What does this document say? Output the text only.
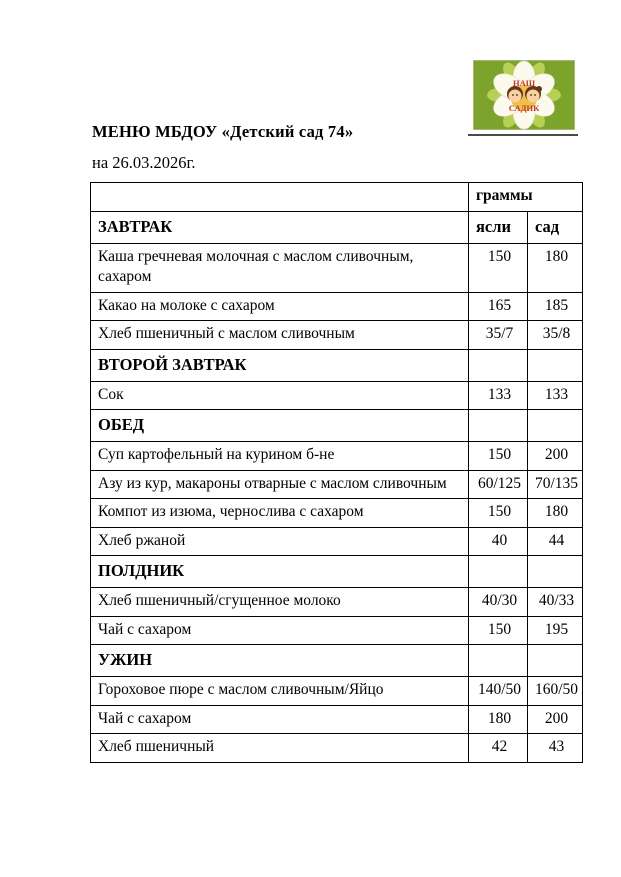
МЕНЮ МБДОУ «Детский сад 74»
на 26.03.2026г.
НАШ
САДИК
	граммы	
ЗАВТРАК	ясли	сад
Каша гречневая молочная с маслом сливочным, сахаром	150	180
Какао на молоке с сахаром	165	185
Хлеб пшеничный с маслом сливочным	35/7	35/8
ВТОРОЙ ЗАВТРАК		
Сок	133	133
ОБЕД		
Суп картофельный на курином б-не	150	200
Азу из кур, макароны отварные с маслом сливочным	60/125	70/135
Компот из изюма, чернослива с сахаром	150	180
Хлеб ржаной	40	44
ПОЛДНИК		
Хлеб пшеничный/сгущенное молоко	40/30	40/33
Чай с сахаром	150	195
УЖИН		
Гороховое пюре с маслом сливочным/Яйцо	140/50	160/50
Чай с сахаром	180	200
Хлеб пшеничный	42	43
